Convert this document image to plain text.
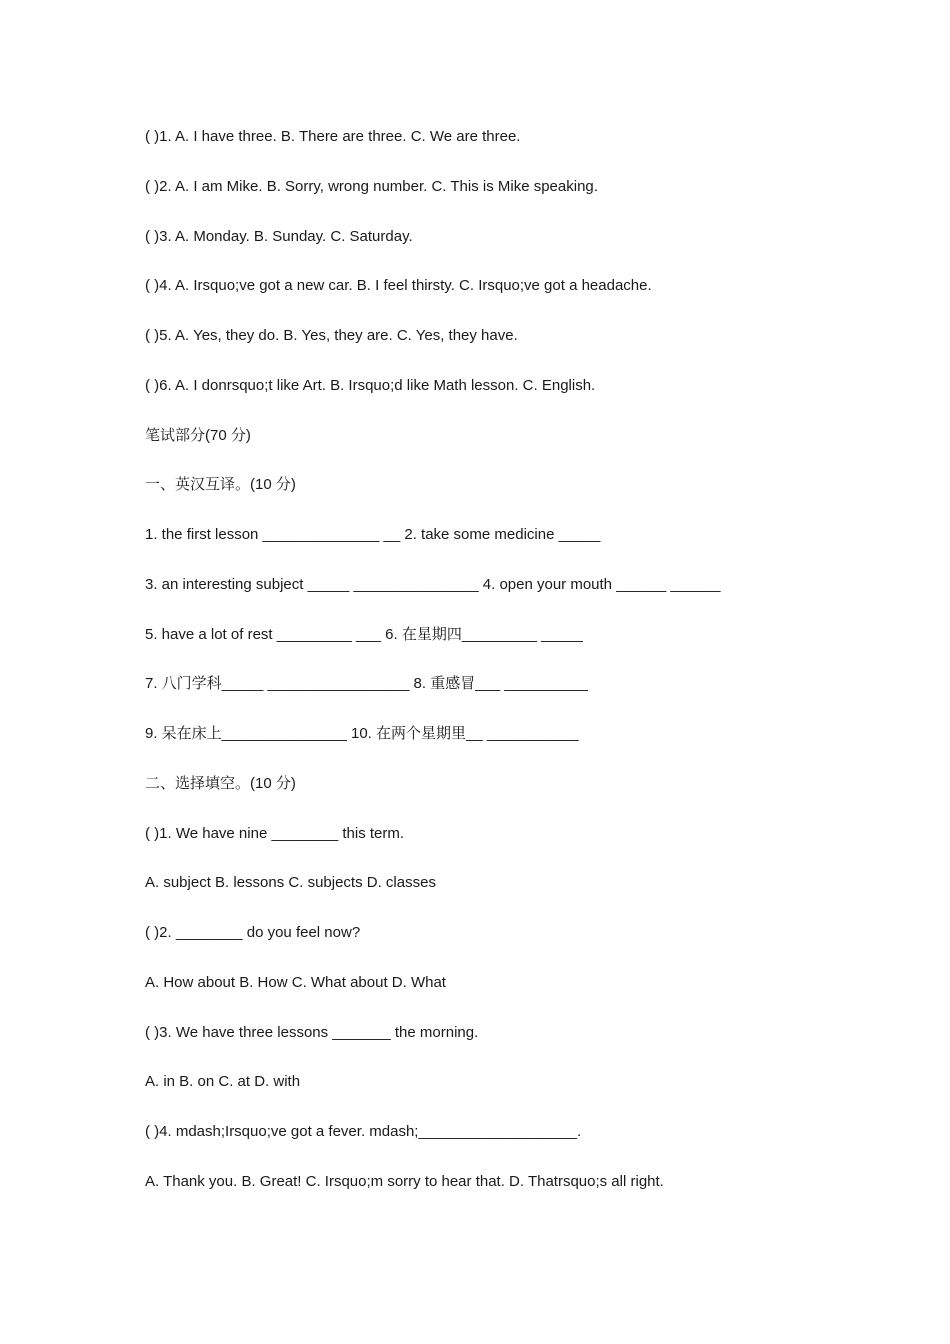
( )1. A. I have three. B. There are three. C. We are three.
( )2. A. I am Mike. B. Sorry, wrong number. C. This is Mike speaking.
( )3. A. Monday. B. Sunday. C. Saturday.
( )4. A. Irsquo;ve got a new car. B. I feel thirsty. C. Irsquo;ve got a headache.
( )5. A. Yes, they do. B. Yes, they are. C. Yes, they have.
( )6. A. I donrsquo;t like Art. B. Irsquo;d like Math lesson. C. English.
笔试部分(70 分)
一、英汉互译。(10 分)
1. the first lesson ______________ __ 2. take some medicine _____
3. an interesting subject _____ _______________ 4. open your mouth ______ ______
5. have a lot of rest _________ ___ 6. 在星期四_________ _____
7. 八门学科_____ _________________ 8. 重感冒___ __________
9. 呆在床上_______________ 10. 在两个星期里__ ___________
二、选择填空。(10 分)
( )1. We have nine ________ this term.
A. subject B. lessons C. subjects D. classes
( )2. ________ do you feel now?
A. How about B. How C. What about D. What
( )3. We have three lessons _______ the morning.
A. in B. on C. at D. with
( )4. mdash;Irsquo;ve got a fever. mdash;___________________.
A. Thank you. B. Great! C. Irsquo;m sorry to hear that. D. Thatrsquo;s all right.
